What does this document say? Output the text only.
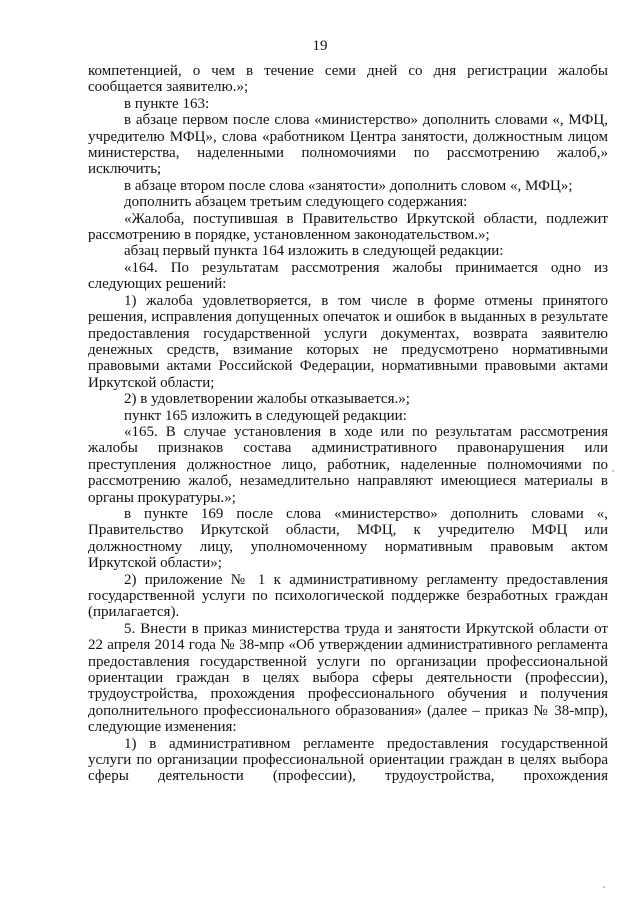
19

компетенцией, о чем в течение семи дней со дня регистрации жалобы сообщается заявителю.»;

в пункте 163:

в абзаце первом после слова «министерство» дополнить словами «, МФЦ, учредителю МФЦ», слова «работником Центра занятости, должностным лицом министерства, наделенными полномочиями по рассмотрению жалоб,» исключить;

в абзаце втором после слова «занятости» дополнить словом «, МФЦ»;

дополнить абзацем третьим следующего содержания:

«Жалоба, поступившая в Правительство Иркутской области, подлежит рассмотрению в порядке, установленном законодательством.»;

абзац первый пункта 164 изложить в следующей редакции:

«164. По результатам рассмотрения жалобы принимается одно из следующих решений:

1) жалоба удовлетворяется, в том числе в форме отмены принятого решения, исправления допущенных опечаток и ошибок в выданных в результате предоставления государственной услуги документах, возврата заявителю денежных средств, взимание которых не предусмотрено нормативными правовыми актами Российской Федерации, нормативными правовыми актами Иркутской области;

2) в удовлетворении жалобы отказывается.»;

пункт 165 изложить в следующей редакции:

«165. В случае установления в ходе или по результатам рассмотрения жалобы признаков состава административного правонарушения или преступления должностное лицо, работник, наделенные полномочиями по рассмотрению жалоб, незамедлительно направляют имеющиеся материалы в органы прокуратуры.»;

в пункте 169 после слова «министерство» дополнить словами «, Правительство Иркутской области, МФЦ, к учредителю МФЦ или должностному лицу, уполномоченному нормативным правовым актом Иркутской области»;

2) приложение № 1 к административному регламенту предоставления государственной услуги по психологической поддержке безработных граждан (прилагается).

5. Внести в приказ министерства труда и занятости Иркутской области от 22 апреля 2014 года № 38-мпр «Об утверждении административного регламента предоставления государственной услуги по организации профессиональной ориентации граждан в целях выбора сферы деятельности (профессии), трудоустройства, прохождения профессионального обучения и получения дополнительного профессионального образования» (далее – приказ № 38-мпр), следующие изменения:

1) в административном регламенте предоставления государственной услуги по организации профессиональной ориентации граждан в целях выбора сферы деятельности (профессии), трудоустройства, прохождения
